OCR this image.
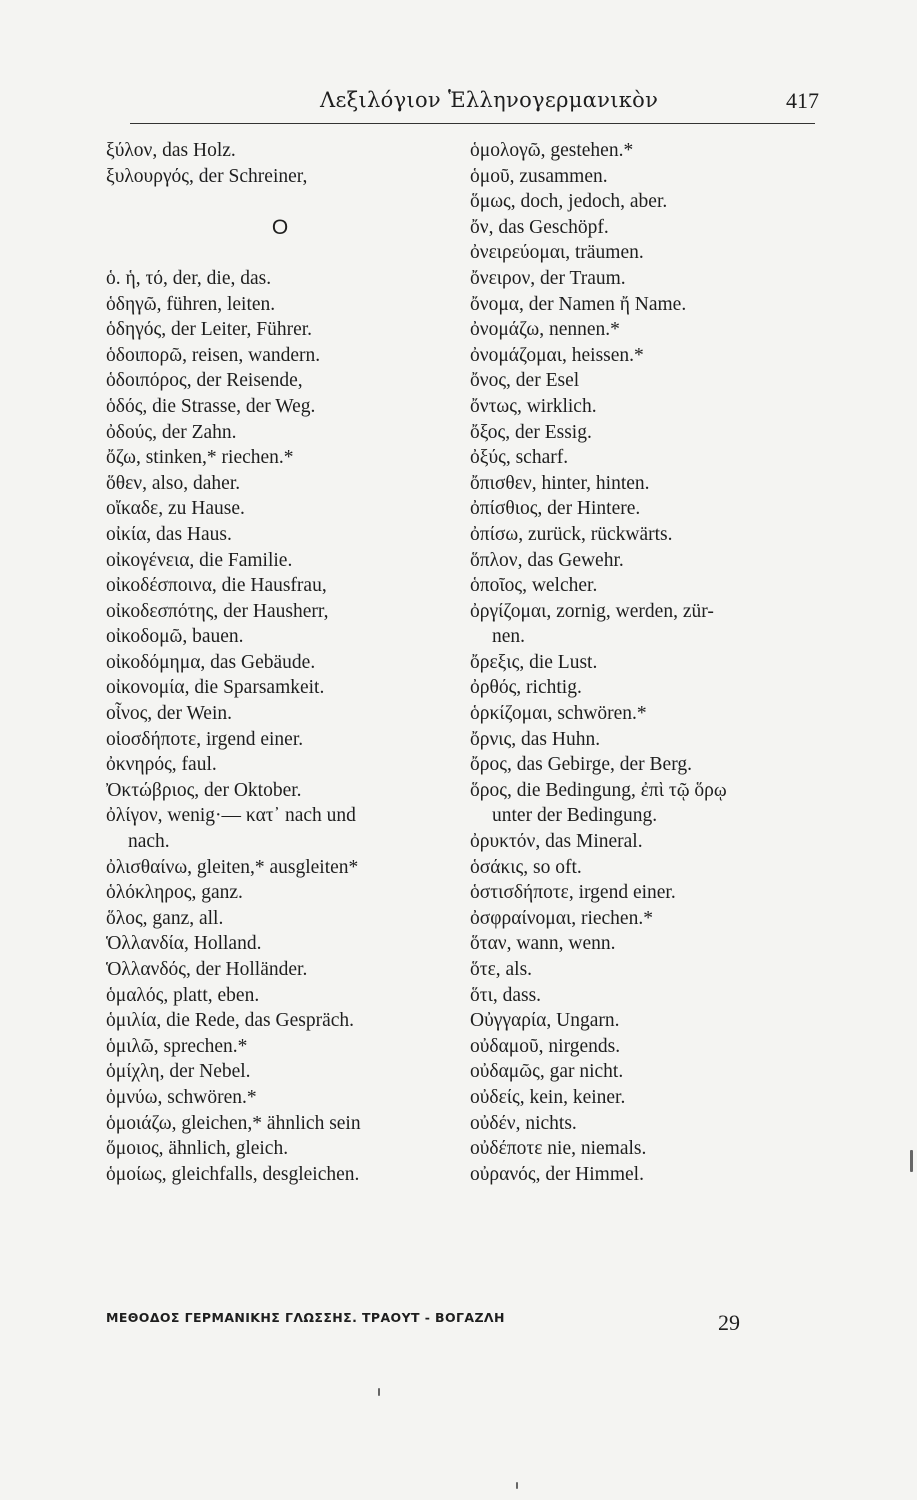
Λεξιλόγιον Ἑλληνογερμανικὸν	417
ξύλον, das Holz.
ξυλουργός, der Schreiner,
O
ὁ. ἡ, τό, der, die, das.
ὁδηγῶ, führen, leiten.
ὁδηγός, der Leiter, Führer.
ὁδοιπορῶ, reisen, wandern.
ὁδοιπόρος, der Reisende,
ὁδός, die Strasse, der Weg.
ὀδούς, der Zahn.
ὄζω, stinken,* riechen.*
ὅθεν, also, daher.
οἴκαδε, zu Hause.
οἰκία, das Haus.
οἰκογένεια, die Familie.
οἰκοδέσποινα, die Hausfrau,
οἰκοδεσπότης, der Hausherr,
οἰκοδομῶ, bauen.
οἰκοδόμημα, das Gebäude.
οἰκονομία, die Sparsamkeit.
οἶνος, der Wein.
οἱοσδήποτε, irgend einer.
ὀκνηρός, faul.
Ὀκτώβριος, der Oktober.
ὀλίγον, wenig·— κατ᾽ nach und
nach.
ὀλισθαίνω, gleiten,* ausgleiten*
ὁλόκληρος, ganz.
ὅλος, ganz, all.
Ὁλλανδία, Holland.
Ὁλλανδός, der Holländer.
ὁμαλός, platt, eben.
ὁμιλία, die Rede, das Gespräch.
ὁμιλῶ, sprechen.*
ὁμίχλη, der Nebel.
ὀμνύω, schwören.*
ὁμοιάζω, gleichen,* ähnlich sein
ὅμοιος, ähnlich, gleich.
ὁμοίως, gleichfalls, desgleichen.
ὁμολογῶ, gestehen.*
ὁμοῦ, zusammen.
ὅμως, doch, jedoch, aber.
ὄν, das Geschöpf.
ὀνειρεύομαι, träumen.
ὄνειρον, der Traum.
ὄνομα, der Namen ἤ Name.
ὀνομάζω, nennen.*
ὀνομάζομαι, heissen.*
ὄνος, der Esel
ὄντως, wirklich.
ὄξος, der Essig.
ὀξύς, scharf.
ὄπισθεν, hinter, hinten.
ὀπίσθιος, der Hintere.
ὀπίσω, zurück, rückwärts.
ὅπλον, das Gewehr.
ὁποῖος, welcher.
ὀργίζομαι, zornig, werden, zür-
nen.
ὄρεξις, die Lust.
ὀρθός, richtig.
ὁρκίζομαι, schwören.*
ὄρνις, das Huhn.
ὄρος, das Gebirge, der Berg.
ὅρος, die Bedingung, ἐπὶ τῷ ὅρῳ
unter der Bedingung.
ὀρυκτόν, das Mineral.
ὁσάκις, so oft.
ὁστισδήποτε, irgend einer.
ὀσφραίνομαι, riechen.*
ὅταν, wann, wenn.
ὅτε, als.
ὅτι, dass.
Οὐγγαρία, Ungarn.
οὐδαμοῦ, nirgends.
οὐδαμῶς, gar nicht.
οὐδείς, kein, keiner.
οὐδέν, nichts.
οὐδέποτε nie, niemals.
οὐρανός, der Himmel.
ΜΕΘΟΔΟΣ ΓΕΡΜΑΝΙΚΗΣ ΓΛΩΣΣΗΣ. ΤΡΑΟΥΤ - ΒΟΓΑΖΛΗ	29
